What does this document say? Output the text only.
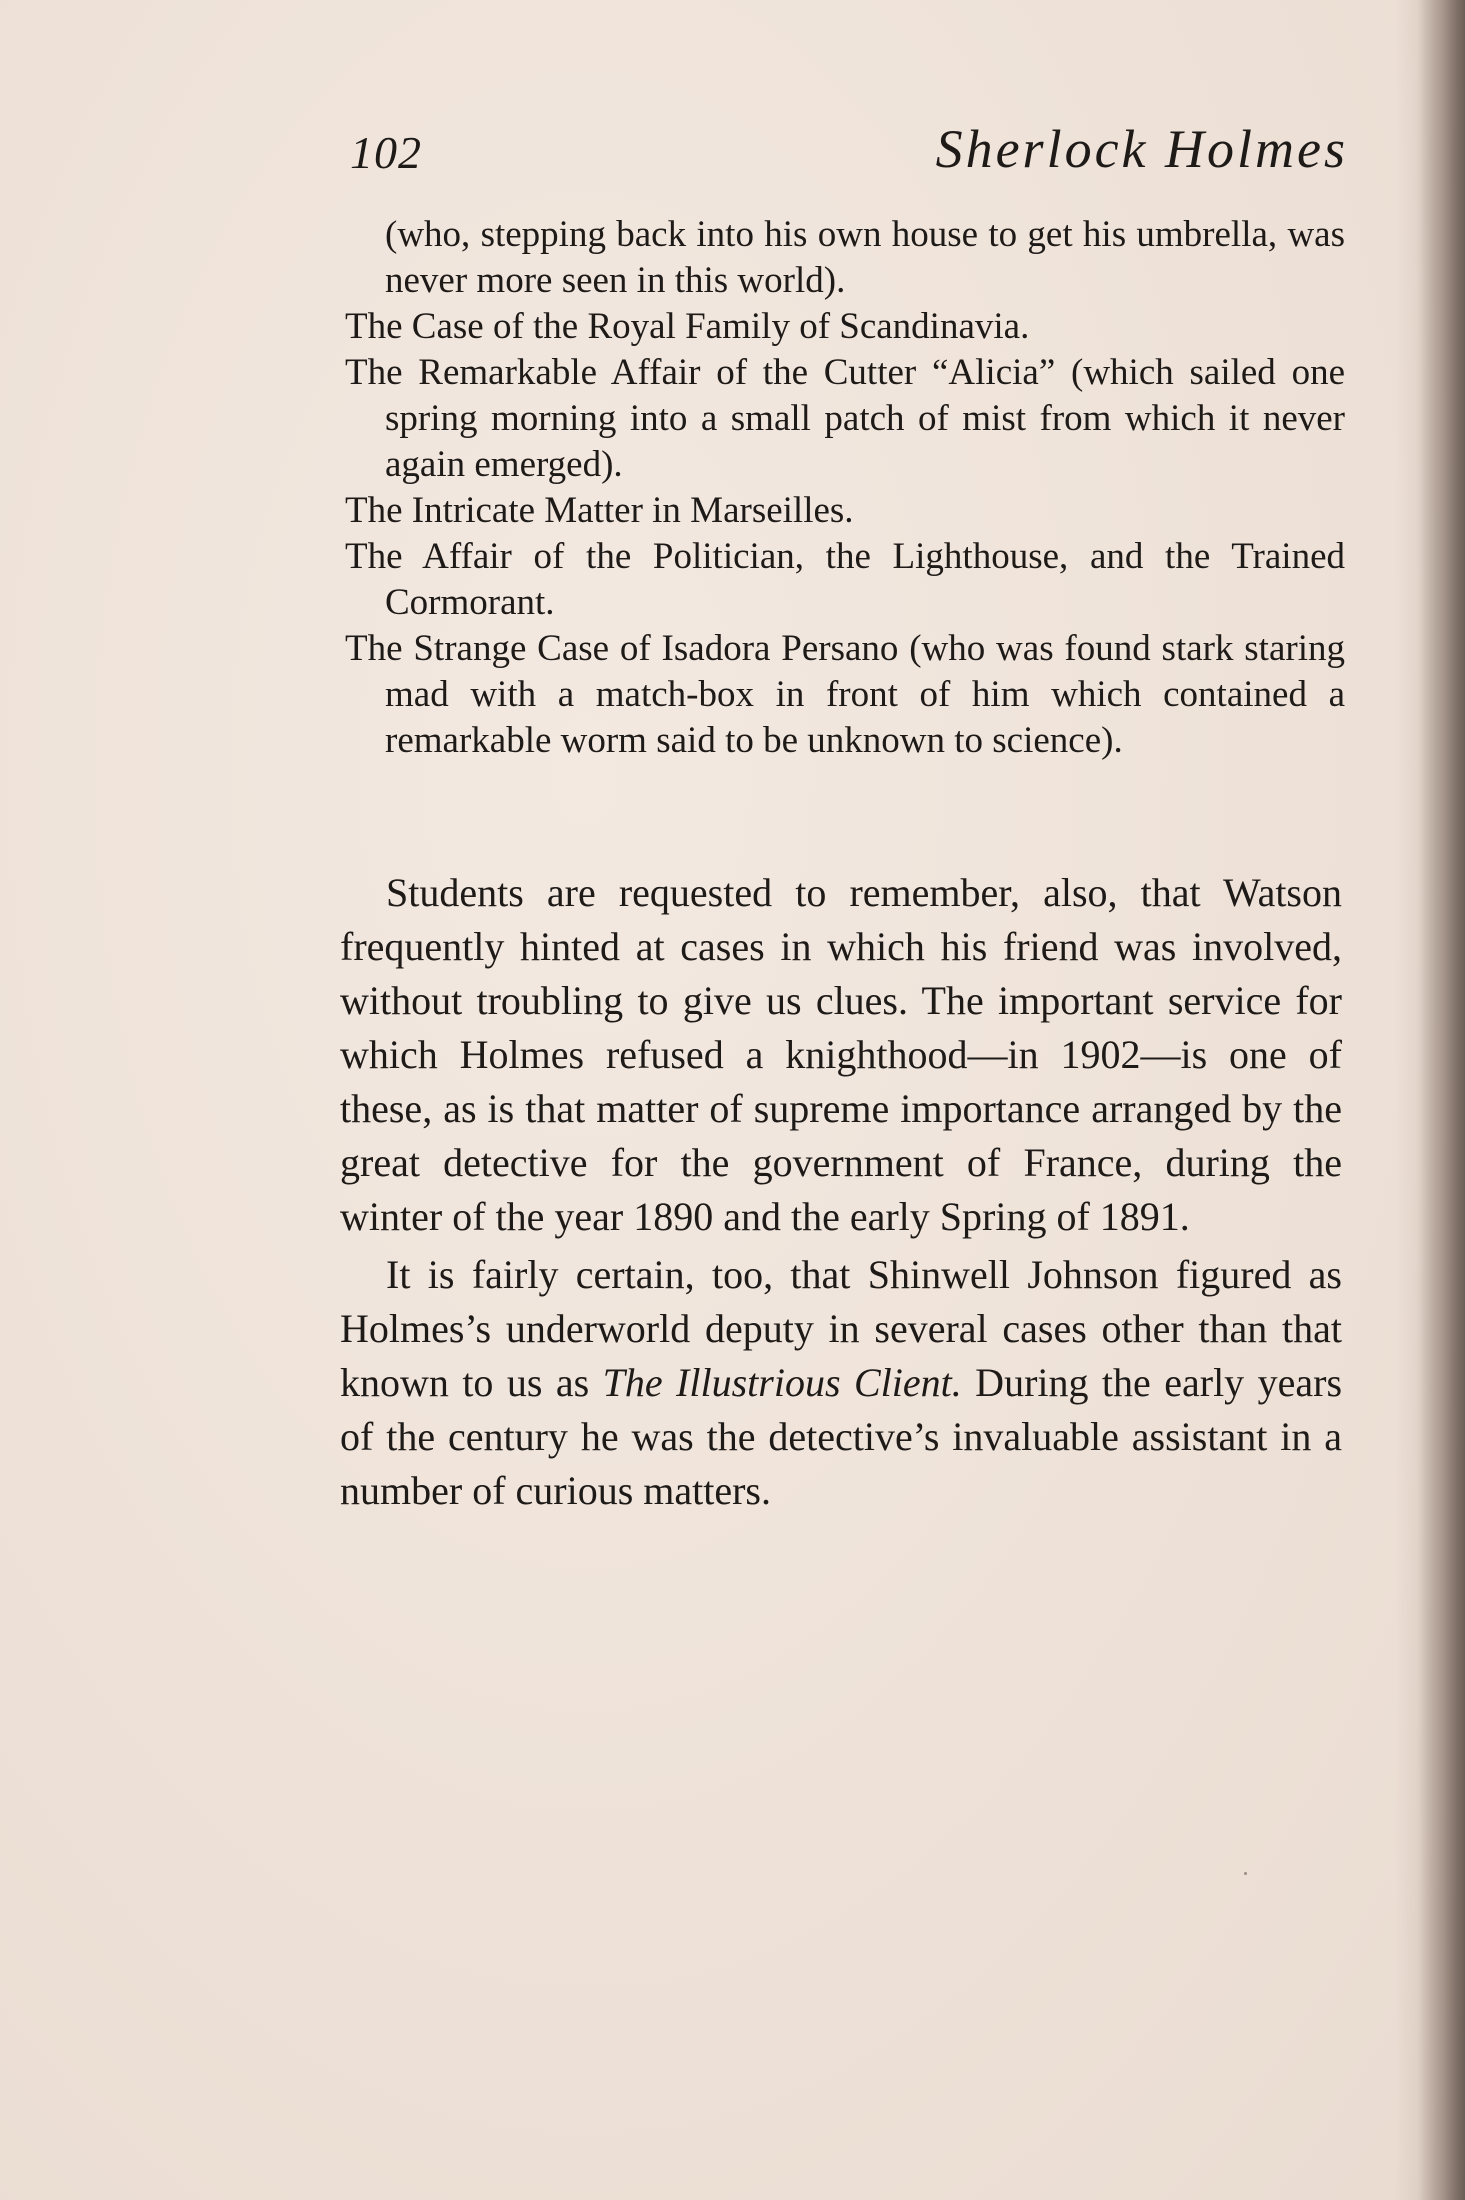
102	Sherlock Holmes
(who, stepping back into his own house to get his umbrella, was never more seen in this world).
The Case of the Royal Family of Scandinavia.
The Remarkable Affair of the Cutter “Alicia” (which sailed one spring morning into a small patch of mist from which it never again emerged).
The Intricate Matter in Marseilles.
The Affair of the Politician, the Lighthouse, and the Trained Cormorant.
The Strange Case of Isadora Persano (who was found stark staring mad with a match-box in front of him which contained a remarkable worm said to be unknown to science).

Students are requested to remember, also, that Watson frequently hinted at cases in which his friend was involved, without troubling to give us clues. The important service for which Holmes refused a knighthood—in 1902—is one of these, as is that matter of supreme importance arranged by the great detective for the government of France, during the winter of the year 1890 and the early Spring of 1891.

It is fairly certain, too, that Shinwell Johnson figured as Holmes’s underworld deputy in several cases other than that known to us as The Illustrious Client. During the early years of the century he was the detective’s invaluable assistant in a number of curious matters.
